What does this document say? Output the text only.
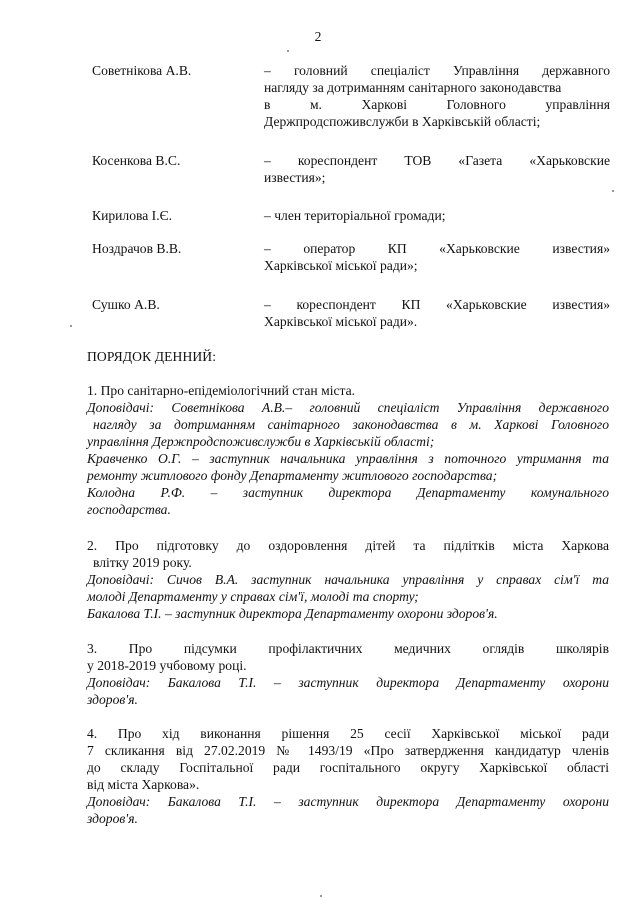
2
Советнікова А.В.	– головний спеціаліст Управління державного
нагляду за дотриманням санітарного законодавства
в м. Харкові Головного управління
Держпродспоживслужби в Харківській області;
Косенкова В.С.	– кореспондент ТОВ «Газета «Харьковские
известия»;
Кирилова І.Є.	– член територіальної громади;
Ноздрачов В.В.	– оператор КП «Харьковские известия»
Харківської міської ради»;
Сушко А.В.	– кореспондент КП «Харьковские известия»
Харківської міської ради».
ПОРЯДОК ДЕННИЙ:

1. Про санітарно-епідеміологічний стан міста.

Доповідачі: Советнікова А.В.– головний спеціаліст Управління державного

нагляду за дотриманням санітарного законодавства в м. Харкові Головного

управління Держпродспоживслужби в Харківській області;

Кравченко О.Г. – заступник начальника управління з поточного утримання та

ремонту житлового фонду Департаменту житлового господарства;

Колодна Р.Ф. – заступник директора Департаменту комунального

господарства.

2. Про підготовку до оздоровлення дітей та підлітків міста Харкова

влітку 2019 року.

Доповідачі: Сичов В.А. заступник начальника управління у справах сім'ї та

молоді Департаменту у справах сім'ї, молоді та спорту;

Бакалова Т.І. – заступник директора Департаменту охорони здоров'я.

3. Про підсумки профілактичних медичних оглядів школярів

у 2018-2019 учбовому році.

Доповідач: Бакалова Т.І. – заступник директора Департаменту охорони

здоров'я.

4. Про хід виконання рішення 25 сесії Харківської міської ради

7 скликання від 27.02.2019 № 1493/19 «Про затвердження кандидатур членів

до складу Госпітальної ради госпітального округу Харківської області

від міста Харкова».

Доповідач: Бакалова Т.І. – заступник директора Департаменту охорони

здоров'я.
